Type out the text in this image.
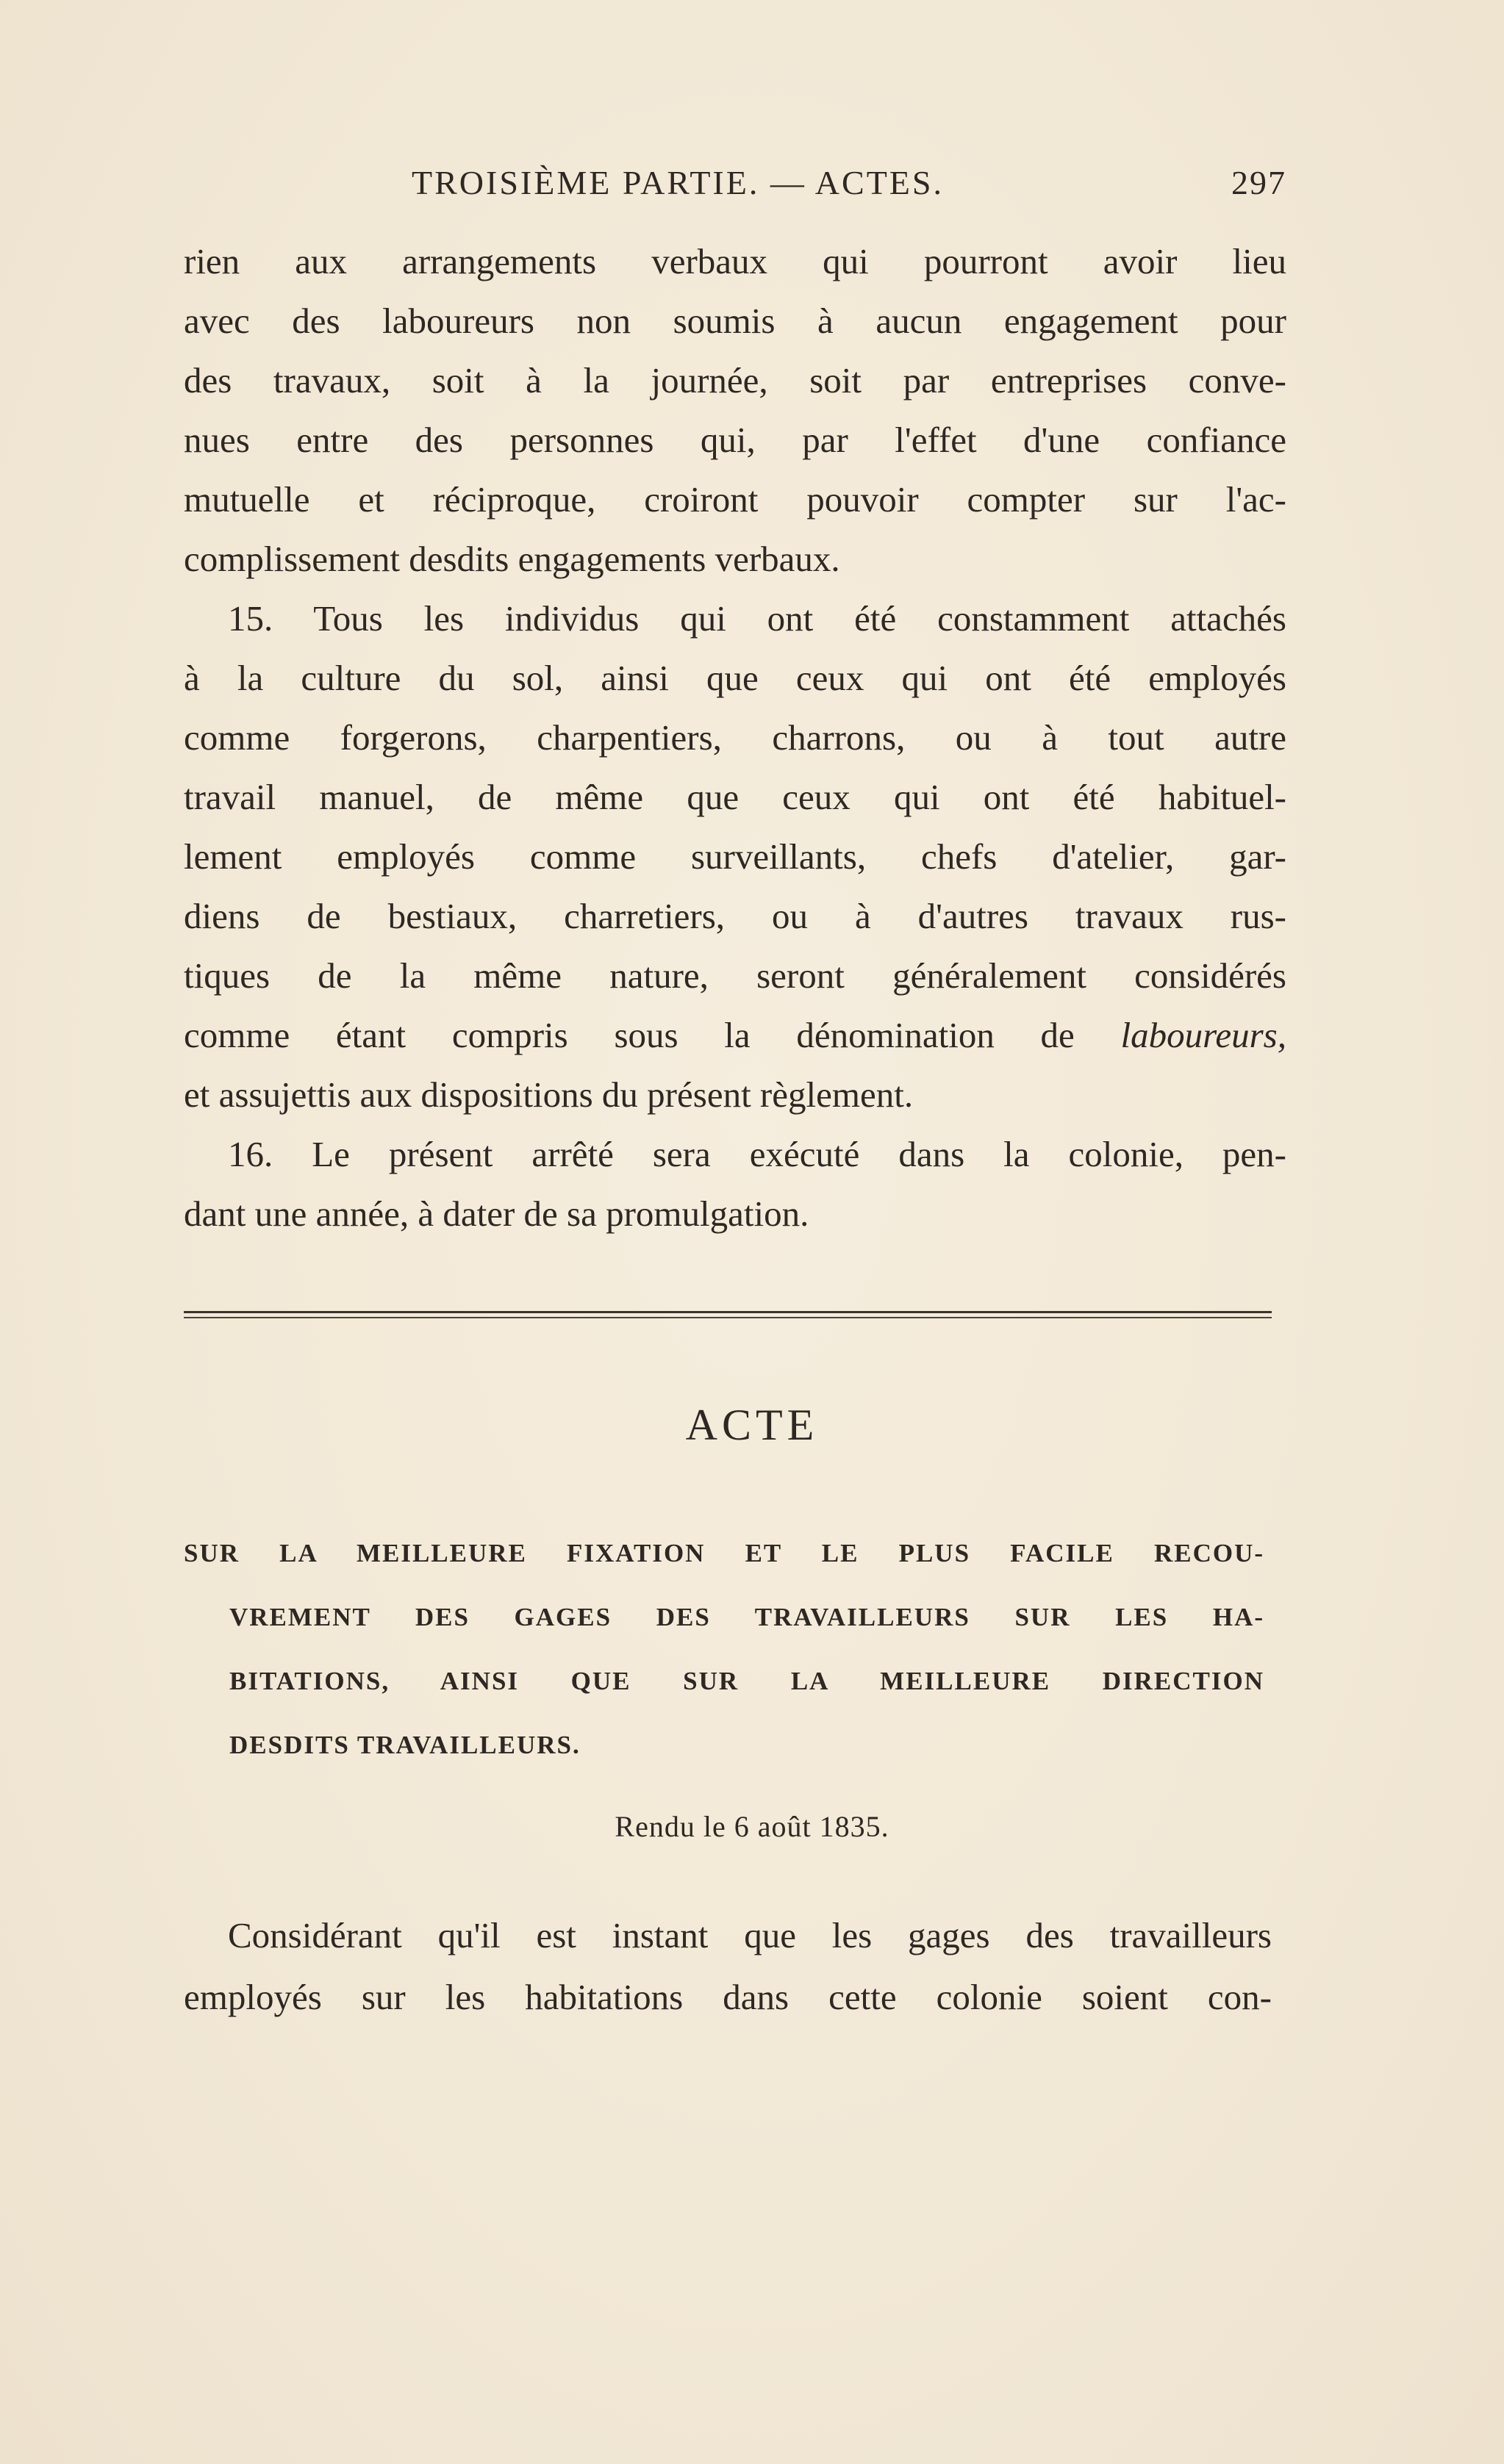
TROISIÈME PARTIE. — ACTES.	297
rien aux arrangements verbaux qui pourront avoir lieu
avec des laboureurs non soumis à aucun engagement pour
des travaux, soit à la journée, soit par entreprises conve-
nues entre des personnes qui, par l'effet d'une confiance
mutuelle et réciproque, croiront pouvoir compter sur l'ac-
complissement desdits engagements verbaux.
15. Tous les individus qui ont été constamment attachés
à la culture du sol, ainsi que ceux qui ont été employés
comme forgerons, charpentiers, charrons, ou à tout autre
travail manuel, de même que ceux qui ont été habituel-
lement employés comme surveillants, chefs d'atelier, gar-
diens de bestiaux, charretiers, ou à d'autres travaux rus-
tiques de la même nature, seront généralement considérés
comme étant compris sous la dénomination de laboureurs,
et assujettis aux dispositions du présent règlement.
16. Le présent arrêté sera exécuté dans la colonie, pen-
dant une année, à dater de sa promulgation.
ACTE
SUR LA MEILLEURE FIXATION ET LE PLUS FACILE RECOU-
VREMENT DES GAGES DES TRAVAILLEURS SUR LES HA-
BITATIONS, AINSI QUE SUR LA MEILLEURE DIRECTION
DESDITS TRAVAILLEURS.
Rendu le 6 août 1835.
Considérant qu'il est instant que les gages des travailleurs
employés sur les habitations dans cette colonie soient con-
